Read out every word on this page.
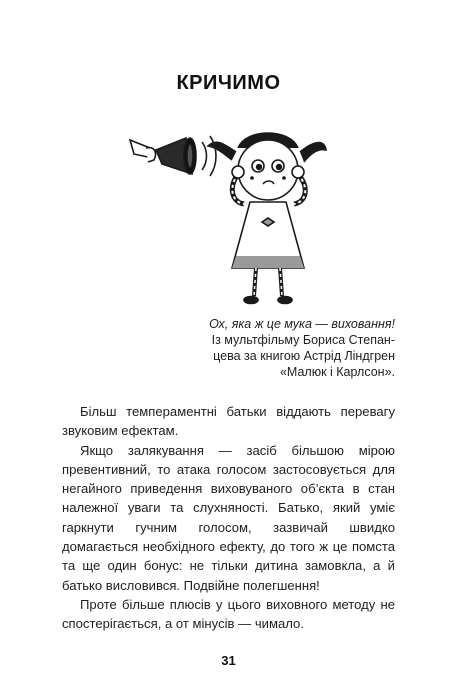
КРИЧИМО
Ох, яка ж це мука — виховання!
Із мультфільму Бориса Степан-
цева за книгою Астрід Ліндгрен
«Малюк і Карлсон».

Більш темпераментні батьки віддають перевагу звуковим ефектам.

Якщо залякування — засіб більшою мірою превентивний, то атака голосом застосовується для негайного приведення виховуваного об’єкта в стан належної уваги та слухняності. Батько, який уміє гаркнути гучним голосом, зазвичай швидко домагається необхідного ефекту, до того ж це помста та ще один бонус: не тільки дитина замовкла, а й батько висловився. Подвійне полегшення!

Проте більше плюсів у цього виховного методу не спостерігається, а от мінусів — чимало.

31
